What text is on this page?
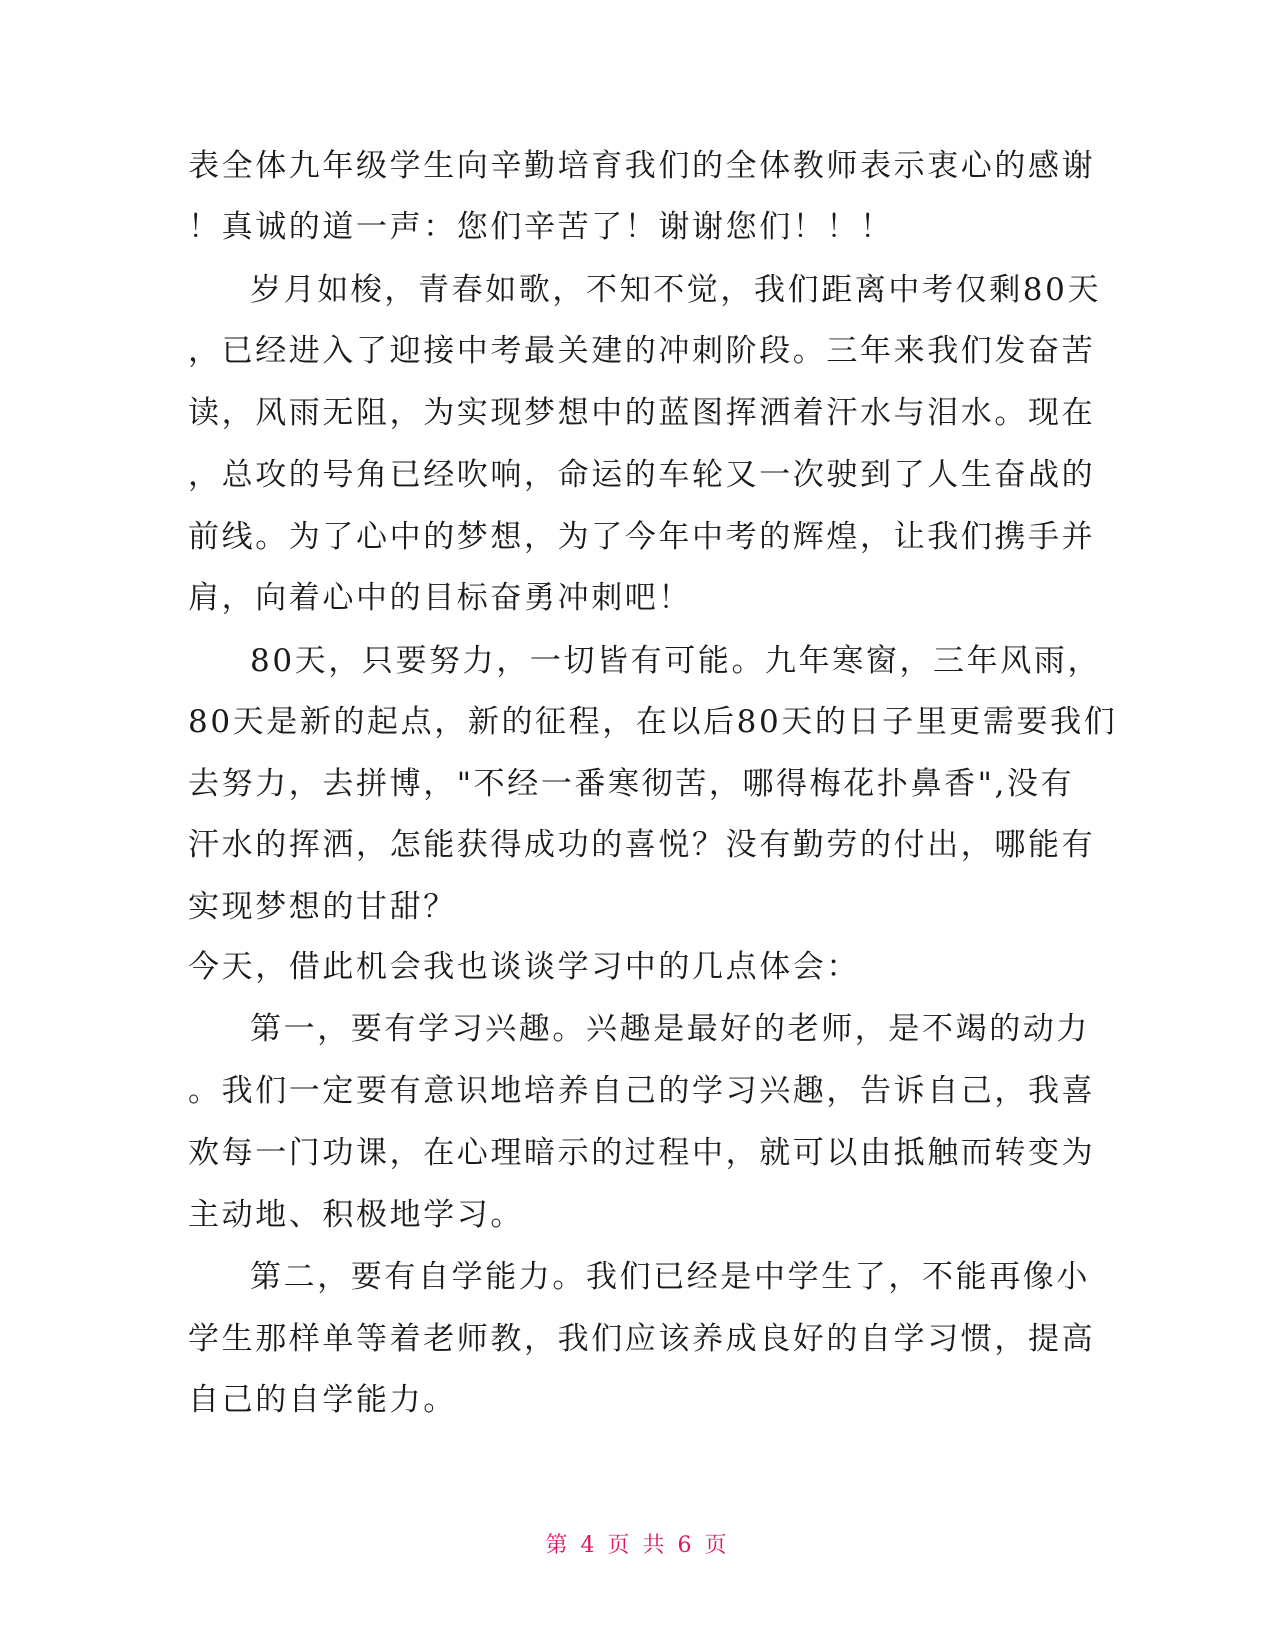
表全体九年级学生向辛勤培育我们的全体教师表示衷心的感谢
！真诚的道一声：您们辛苦了！谢谢您们！！！
岁月如梭，青春如歌，不知不觉，我们距离中考仅剩80天
，已经进入了迎接中考最关建的冲刺阶段。三年来我们发奋苦
读，风雨无阻，为实现梦想中的蓝图挥洒着汗水与泪水。现在
，总攻的号角已经吹响，命运的车轮又一次驶到了人生奋战的
前线。为了心中的梦想，为了今年中考的辉煌，让我们携手并
肩，向着心中的目标奋勇冲刺吧！
80天，只要努力，一切皆有可能。九年寒窗，三年风雨，
80天是新的起点，新的征程，在以后80天的日子里更需要我们
去努力，去拼博，"不经一番寒彻苦，哪得梅花扑鼻香",没有
汗水的挥洒，怎能获得成功的喜悦？没有勤劳的付出，哪能有
实现梦想的甘甜？
今天，借此机会我也谈谈学习中的几点体会：
第一，要有学习兴趣。兴趣是最好的老师，是不竭的动力
。我们一定要有意识地培养自己的学习兴趣，告诉自己，我喜
欢每一门功课，在心理暗示的过程中，就可以由抵触而转变为
主动地、积极地学习。
第二，要有自学能力。我们已经是中学生了，不能再像小
学生那样单等着老师教，我们应该养成良好的自学习惯，提高
自己的自学能力。
第 4 页 共 6 页
